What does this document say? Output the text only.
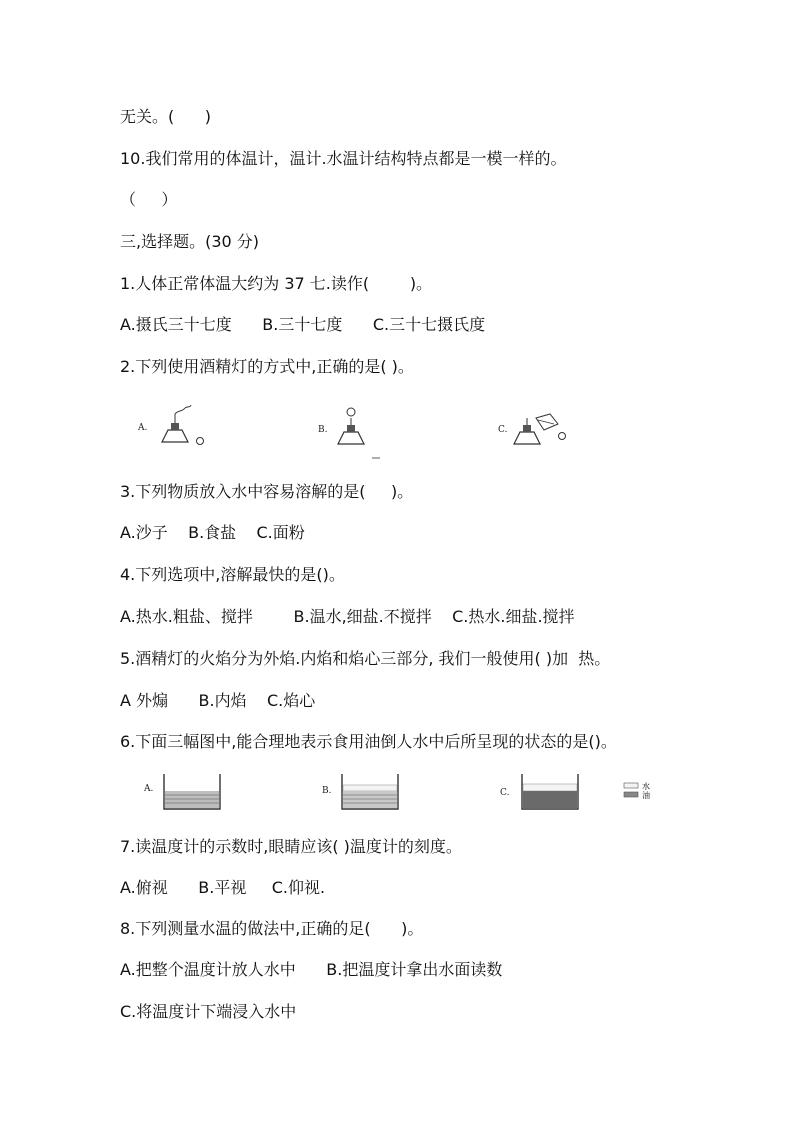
无关。(      )
10.我们常用的体温计，温计.水温计结构特点都是一模一样的。
（     ）
三,选择题。(30 分)
1.人体正常体温大约为 37 七.读作(        )。
A.摄氏三十七度      B.三十七度      C.三十七摄氏度
2.下列使用酒精灯的方式中,正确的是( )。
A.	B.	C.
3.下列物质放入水中容易溶解的是(     )。
A.沙子    B.食盐    C.面粉
4.下列选项中,溶解最快的是()。
A.热水.粗盐、搅拌        B.温水,细盐.不搅拌    C.热水.细盐.搅拌
5.酒精灯的火焰分为外焰.内焰和焰心三部分, 我们一般使用( )加  热。
A 外煽      B.内焰    C.焰心
6.下面三幅图中,能合理地表示食用油倒人水中后所呈现的状态的是()。
A.	B.	C.
水
油
7.读温度计的示数时,眼睛应该( )温度计的刻度。
A.俯视      B.平视     C.仰视.
8.下列测量水温的做法中,正确的足(      )。
A.把整个温度计放人水中      B.把温度计拿出水面读数
C.将温度计下端浸入水中
